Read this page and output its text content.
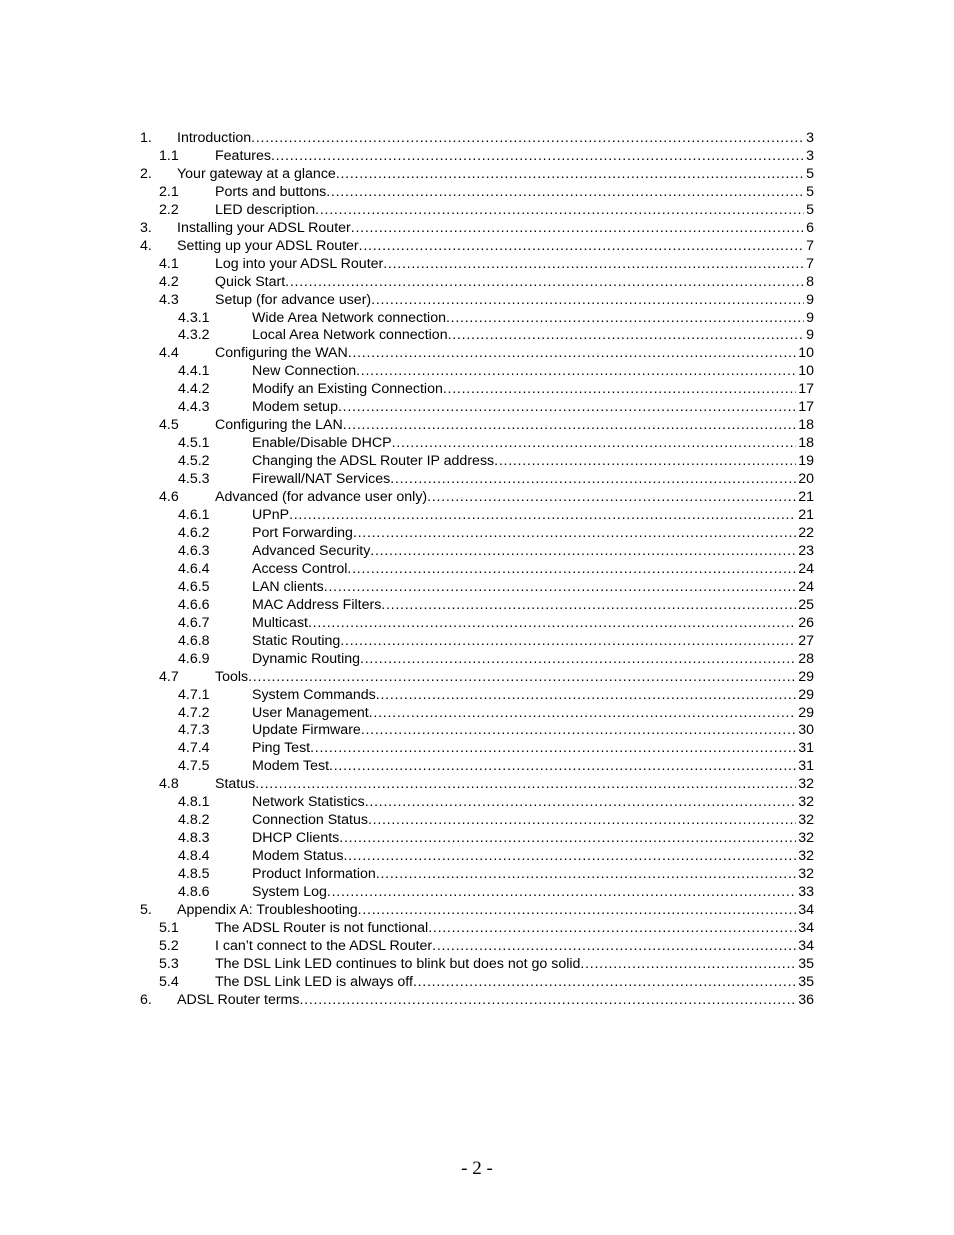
1. Introduction . . .	3
1.1	Features . . .	3
2. Your gateway at a glance . . .	5
2.1	Ports and buttons . . .	5
2.2	LED description . . .	5
3. Installing your ADSL Router . . .	6
4. Setting up your ADSL Router . . .	7
4.1	Log into your ADSL Router . . .	7
4.2	Quick Start . . .	8
4.3	Setup (for advance user) . . .	9
4.3.1	Wide Area Network connection . . .	9
4.3.2	Local Area Network connection . . .	9
4.4	Configuring the WAN . . .	10
4.4.1	New Connection . . .	10
4.4.2	Modify an Existing Connection . . .	17
4.4.3	Modem setup . . .	17
4.5	Configuring the LAN . . .	18
4.5.1	Enable/Disable DHCP . . .	18
4.5.2	Changing the ADSL Router IP address . . .	19
4.5.3	Firewall/NAT Services . . .	20
4.6	Advanced (for advance user only) . . .	21
4.6.1	UPnP . . .	21
4.6.2	Port Forwarding . . .	22
4.6.3	Advanced Security . . .	23
4.6.4	Access Control . . .	24
4.6.5	LAN clients . . .	24
4.6.6	MAC Address Filters . . .	25
4.6.7	Multicast . . .	26
4.6.8	Static Routing . . .	27
4.6.9	Dynamic Routing . . .	28
4.7	Tools . . .	29
4.7.1	System Commands . . .	29
4.7.2	User Management . . .	29
4.7.3	Update Firmware . . .	30
4.7.4	Ping Test . . .	31
4.7.5	Modem Test . . .	31
4.8	Status . . .	32
4.8.1	Network Statistics . . .	32
4.8.2	Connection Status . . .	32
4.8.3	DHCP Clients . . .	32
4.8.4	Modem Status . . .	32
4.8.5	Product Information . . .	32
4.8.6	System Log . . .	33
5. Appendix A: Troubleshooting . . .	34
5.1	The ADSL Router is not functional . . .	34
5.2	I can’t connect to the ADSL Router . . .	34
5.3	The DSL Link LED continues to blink but does not go solid . . .	35
5.4	The DSL Link LED is always off . . .	35
6. ADSL Router terms . . .	36
- 2 -
